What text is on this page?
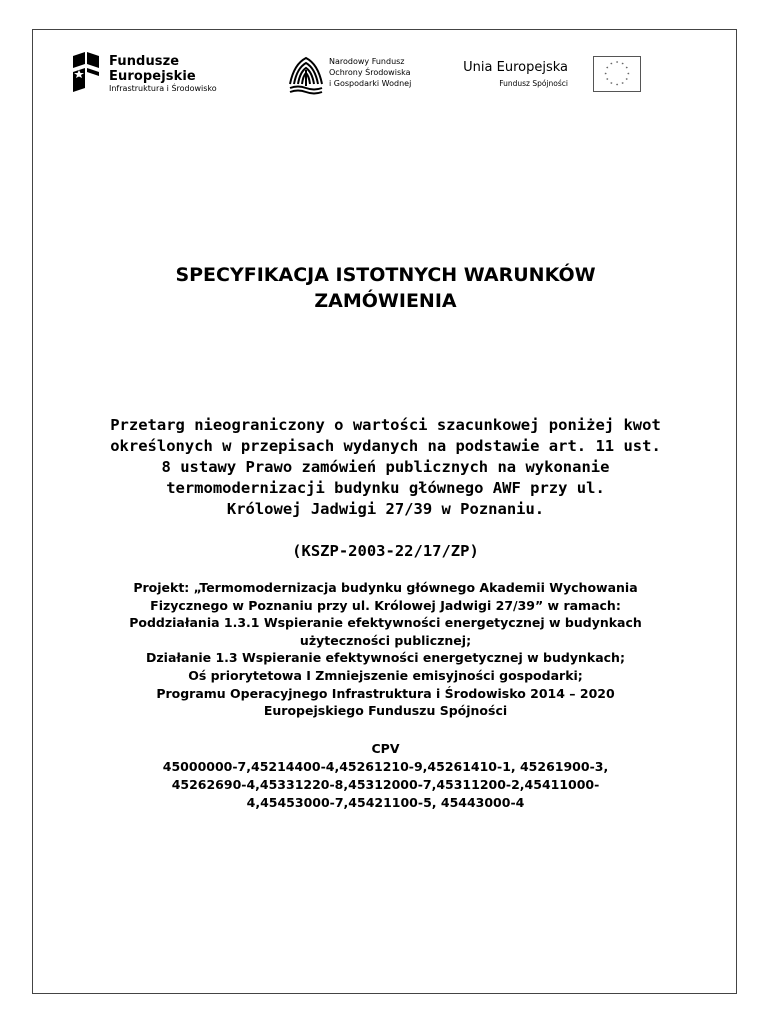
Fundusze
Europejskie
Infrastruktura i Środowisko
Narodowy Fundusz
Ochrony Środowiska
i Gospodarki Wodnej
Unia Europejska
Fundusz Spójności
* *
*
*
*
*
*
*
*
*
*
*
SPECYFIKACJA ISTOTNYCH WARUNKÓW
ZAMÓWIENIA
Przetarg nieograniczony o wartości szacunkowej poniżej kwot
określonych w przepisach wydanych na podstawie art. 11 ust.
8 ustawy Prawo zamówień publicznych na wykonanie
termomodernizacji budynku głównego AWF przy ul.
Królowej Jadwigi 27/39 w Poznaniu.
(KSZP-2003-22/17/ZP)
Projekt: „Termomodernizacja budynku głównego Akademii Wychowania
Fizycznego w Poznaniu przy ul. Królowej Jadwigi 27/39” w ramach:
Poddziałania 1.3.1 Wspieranie efektywności energetycznej w budynkach
użyteczności publicznej;
Działanie 1.3 Wspieranie efektywności energetycznej w budynkach;
Oś priorytetowa I Zmniejszenie emisyjności gospodarki;
Programu Operacyjnego Infrastruktura i Środowisko 2014 – 2020
Europejskiego Funduszu Spójności
CPV
45000000-7,45214400-4,45261210-9,45261410-1, 45261900-3,
45262690-4,45331220-8,45312000-7,45311200-2,45411000-
4,45453000-7,45421100-5, 45443000-4
